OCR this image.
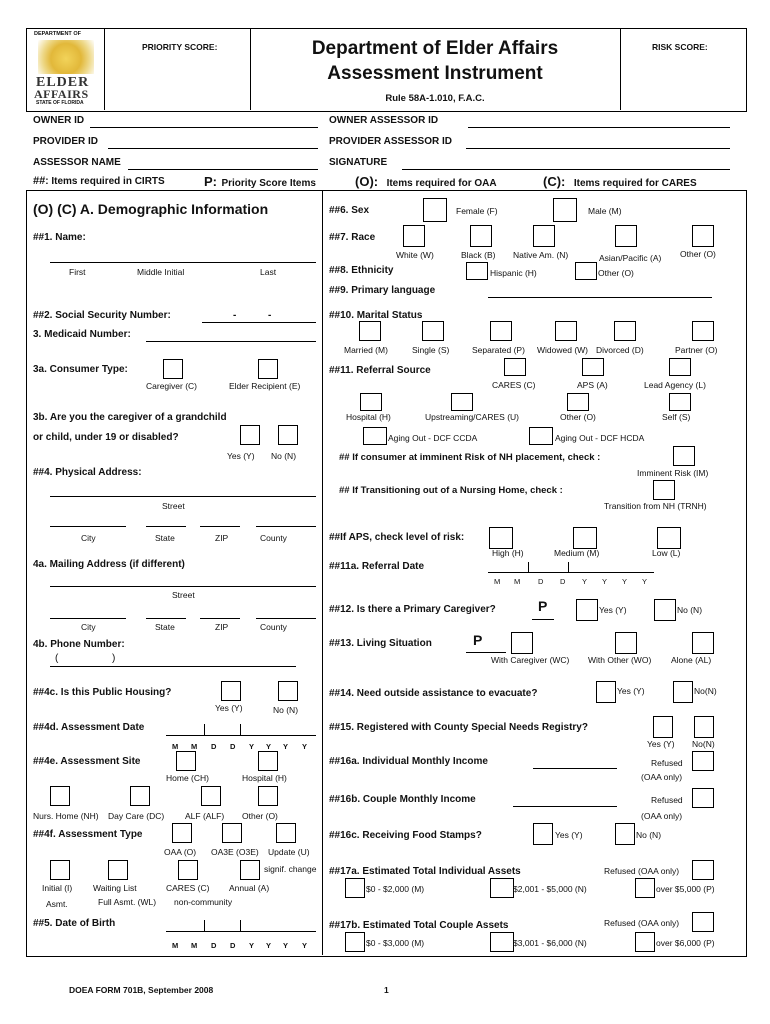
DEPARTMENT OF
ELDER
AFFAIRS
STATE OF FLORIDA
PRIORITY SCORE:	Department of Elder Affairs
Assessment Instrument
Rule 58A-1.010, F.A.C.
RISK SCORE:
OWNER ID	OWNER ASSESSOR ID
PROVIDER ID	PROVIDER ASSESSOR ID
ASSESSOR NAME	SIGNATURE
##: Items required in CIRTS	P: Priority Score Items	(O): Items required for OAA	(C): Items required for CARES
(O) (C) A. Demographic Information
##1. Name:
First	Middle Initial	Last
##2. Social Security Number:	-	-
3. Medicaid Number:
3a. Consumer Type:
Caregiver (C)	Elder Recipient (E)
3b. Are you the caregiver of a grandchild
or child, under 19 or disabled?
Yes (Y) No (N)
##4. Physical Address:
Street
City	State	ZIP	County
4a. Mailing Address (if different)
Street
City	State	ZIP	County
4b. Phone Number:
(	)
##4c. Is this Public Housing?
Yes (Y)	No (N)
##4d. Assessment Date
M M D D Y Y Y Y
##4e. Assessment Site
Home (CH)	Hospital (H)
Nurs. Home (NH) Day Care (DC) ALF (ALF) Other (O)
##4f. Assessment Type
OAA (O) OA3E (O3E) Update (U)
signif. change
Initial (I) Waiting List	CARES (C) Annual (A)
Asmt.	Full Asmt. (WL) non-community
##5. Date of Birth
M M D D Y Y Y Y
##6. Sex	Female (F)	Male (M)
##7. Race
White (W)	Black (B) Native Am. (N)	Asian/Pacific (A) Other (O)
##8. Ethnicity	Hispanic (H)	Other (O)
##9. Primary language
##10. Marital Status
Married (M)	Single (S)	Separated (P) Widowed (W) Divorced (D)	Partner (O)
##11. Referral Source
CARES (C)	APS (A)	Lead Agency (L)
Hospital (H)	Upstreaming/CARES (U)	Other (O)	Self (S)
Aging Out - DCF CCDA	Aging Out - DCF HCDA
## If consumer at imminent Risk of NH placement, check :
Imminent Risk (IM)
## If Transitioning out of a Nursing Home, check :
Transition from NH (TRNH)
##If APS, check level of risk:
High (H)	Medium (M)	Low (L)
##11a. Referral Date
M M D D Y Y Y Y
##12. Is there a Primary Caregiver?	P	Yes (Y)	No (N)
##13. Living Situation	P
With Caregiver (WC) With Other (WO) Alone (AL)
##14. Need outside assistance to evacuate?	Yes (Y)	No(N)
##15. Registered with County Special Needs Registry?
Yes (Y) No(N)
##16a. Individual Monthly Income	Refused
(OAA only)
##16b. Couple Monthly Income	Refused
(OAA only)
##16c. Receiving Food Stamps?	Yes (Y)	No (N)
##17a. Estimated Total Individual Assets	Refused (OAA only)
$0 - $2,000 (M)	$2,001 - $5,000 (N)	over $5,000 (P)
##17b. Estimated Total Couple Assets	Refused (OAA only)
$0 - $3,000 (M)	$3,001 - $6,000 (N)	over $6,000 (P)
DOEA FORM 701B, September 2008	1
